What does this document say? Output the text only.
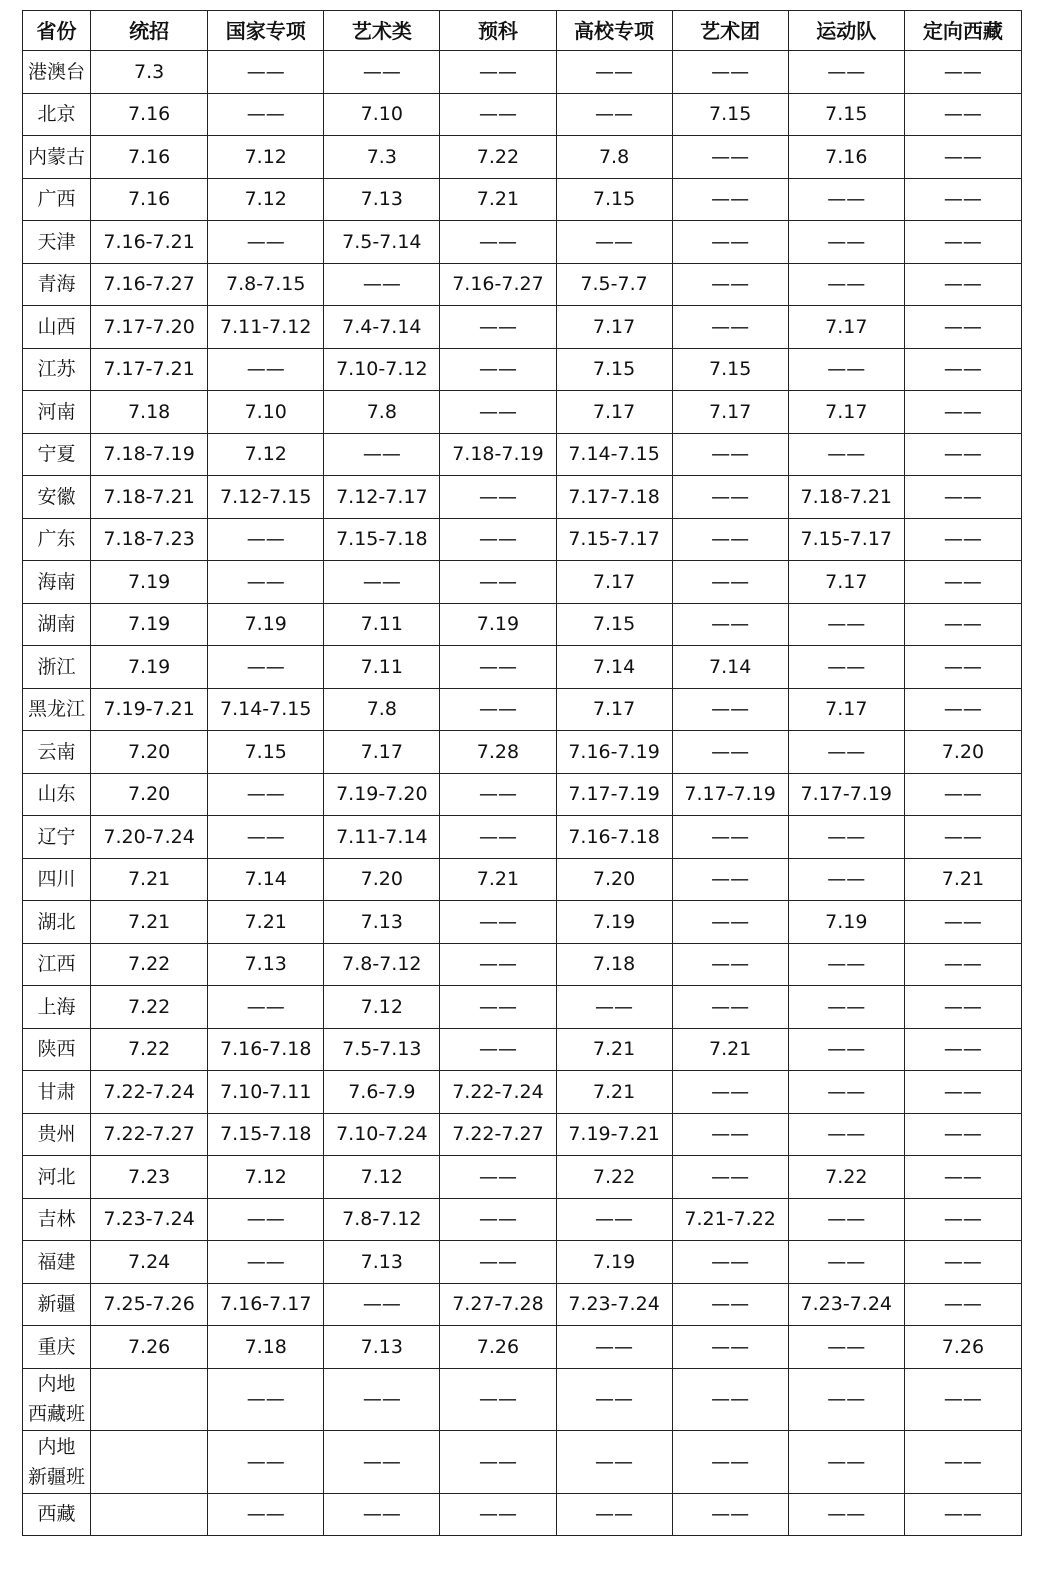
省份	统招	国家专项	艺术类	预科	高校专项	艺术团	运动队	定向西藏
港澳台	7.3	——	——	——	——	——	——	——
北京	7.16	——	7.10	——	——	7.15	7.15	——
内蒙古	7.16	7.12	7.3	7.22	7.8	——	7.16	——
广西	7.16	7.12	7.13	7.21	7.15	——	——	——
天津	7.16-7.21	——	7.5-7.14	——	——	——	——	——
青海	7.16-7.27	7.8-7.15	——	7.16-7.27	7.5-7.7	——	——	——
山西	7.17-7.20	7.11-7.12	7.4-7.14	——	7.17	——	7.17	——
江苏	7.17-7.21	——	7.10-7.12	——	7.15	7.15	——	——
河南	7.18	7.10	7.8	——	7.17	7.17	7.17	——
宁夏	7.18-7.19	7.12	——	7.18-7.19	7.14-7.15	——	——	——
安徽	7.18-7.21	7.12-7.15	7.12-7.17	——	7.17-7.18	——	7.18-7.21	——
广东	7.18-7.23	——	7.15-7.18	——	7.15-7.17	——	7.15-7.17	——
海南	7.19	——	——	——	7.17	——	7.17	——
湖南	7.19	7.19	7.11	7.19	7.15	——	——	——
浙江	7.19	——	7.11	——	7.14	7.14	——	——
黑龙江	7.19-7.21	7.14-7.15	7.8	——	7.17	——	7.17	——
云南	7.20	7.15	7.17	7.28	7.16-7.19	——	——	7.20
山东	7.20	——	7.19-7.20	——	7.17-7.19	7.17-7.19	7.17-7.19	——
辽宁	7.20-7.24	——	7.11-7.14	——	7.16-7.18	——	——	——
四川	7.21	7.14	7.20	7.21	7.20	——	——	7.21
湖北	7.21	7.21	7.13	——	7.19	——	7.19	——
江西	7.22	7.13	7.8-7.12	——	7.18	——	——	——
上海	7.22	——	7.12	——	——	——	——	——
陕西	7.22	7.16-7.18	7.5-7.13	——	7.21	7.21	——	——
甘肃	7.22-7.24	7.10-7.11	7.6-7.9	7.22-7.24	7.21	——	——	——
贵州	7.22-7.27	7.15-7.18	7.10-7.24	7.22-7.27	7.19-7.21	——	——	——
河北	7.23	7.12	7.12	——	7.22	——	7.22	——
吉林	7.23-7.24	——	7.8-7.12	——	——	7.21-7.22	——	——
福建	7.24	——	7.13	——	7.19	——	——	——
新疆	7.25-7.26	7.16-7.17	——	7.27-7.28	7.23-7.24	——	7.23-7.24	——
重庆	7.26	7.18	7.13	7.26	——	——	——	7.26
内地
西藏班		——	——	——	——	——	——	——
内地
新疆班		——	——	——	——	——	——	——
西藏		——	——	——	——	——	——	——
